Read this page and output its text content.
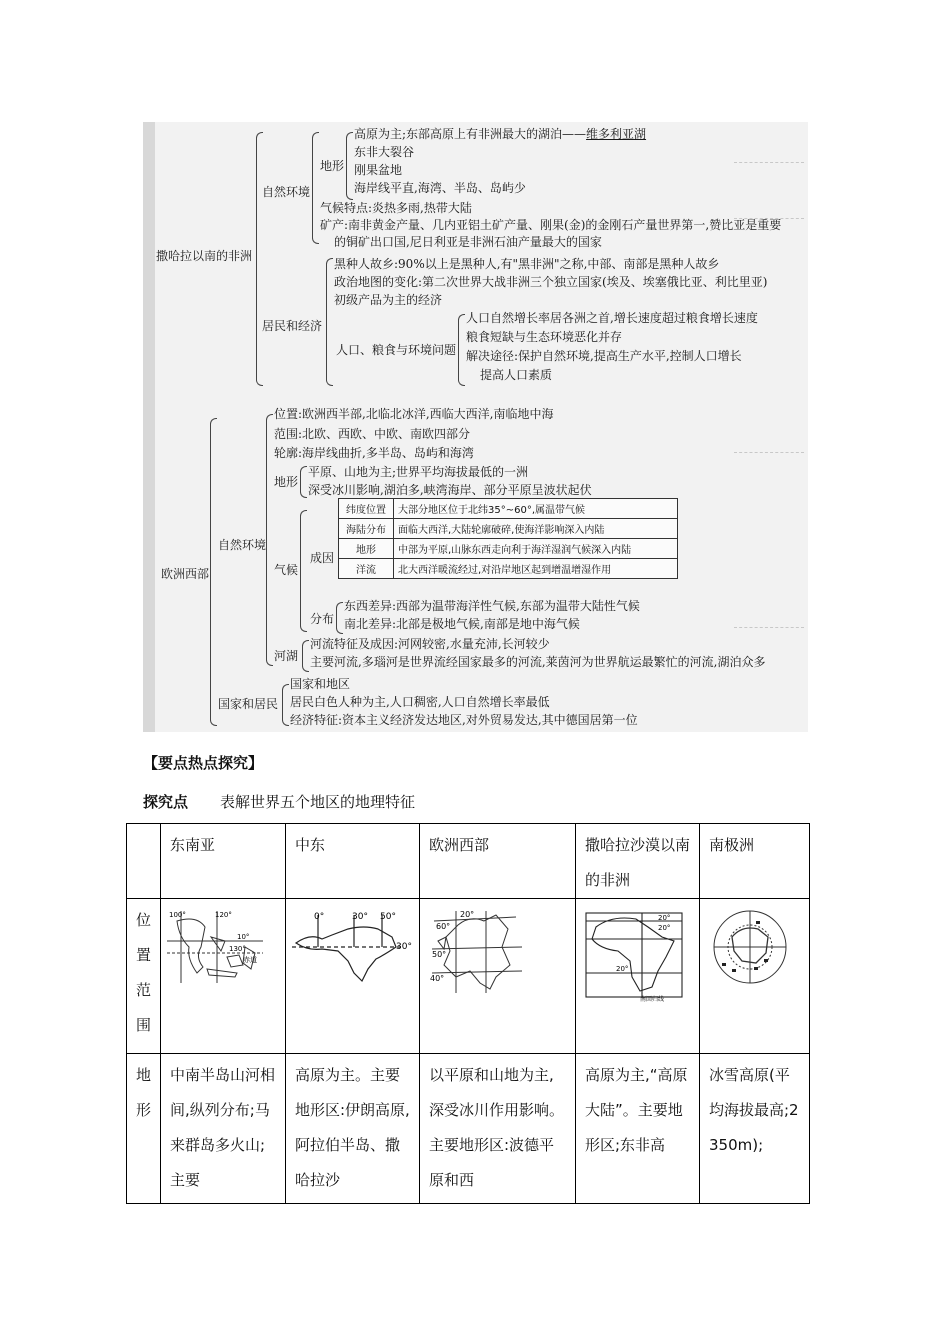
撒哈拉以南的非洲
自然环境
地形
高原为主;东部高原上有非洲最大的湖泊——维多利亚湖
东非大裂谷
刚果盆地
海岸线平直,海湾、半岛、岛屿少
气候特点:炎热多雨,热带大陆
矿产:南非黄金产量、几内亚铝土矿产量、刚果(金)的金刚石产量世界第一,赞比亚是重要
的铜矿出口国,尼日利亚是非洲石油产量最大的国家
居民和经济
黑种人故乡:90%以上是黑种人,有"黑非洲"之称,中部、南部是黑种人故乡
政治地图的变化:第二次世界大战非洲三个独立国家(埃及、埃塞俄比亚、利比里亚)
初级产品为主的经济
人口、粮食与环境问题
人口自然增长率居各洲之首,增长速度超过粮食增长速度
粮食短缺与生态环境恶化并存
解决途径:保护自然环境,提高生产水平,控制人口增长
提高人口素质
欧洲西部
自然环境
位置:欧洲西半部,北临北冰洋,西临大西洋,南临地中海
范围:北欧、西欧、中欧、南欧四部分
轮廓:海岸线曲折,多半岛、岛屿和海湾
地形
平原、山地为主;世界平均海拔最低的一洲
深受冰川影响,湖泊多,峡湾海岸、部分平原呈波状起伏
气候
成因
纬度位置	大部分地区位于北纬35°~60°,属温带气候
海陆分布	面临大西洋,大陆轮廓破碎,使海洋影响深入内陆
地形	中部为平原,山脉东西走向利于海洋湿润气候深入内陆
洋流	北大西洋暖流经过,对沿岸地区起到增温增湿作用
分布
东西差异:西部为温带海洋性气候,东部为温带大陆性气候
南北差异:北部是极地气候,南部是地中海气候
河湖
河流特征及成因:河网较密,水量充沛,长河较少
主要河流,多瑙河是世界流经国家最多的河流,莱茵河为世界航运最繁忙的河流,湖泊众多
国家和居民
国家和地区
居民白色人种为主,人口稠密,人口自然增长率最低
经济特征:资本主义经济发达地区,对外贸易发达,其中德国居第一位
【要点热点探究】
探究点 表解世界五个地区的地理特征
	东南亚	中东	欧洲西部	撒哈拉沙漠以南的非洲	南极洲
位置范围	100° 120°
10°
130°
赤道	0° 30° 50°
30°	20°
60°
50°
40°	20°
20°
20°
南回归线

地形	中南半岛山河相间,纵列分布;马来群岛多火山;主要	高原为主。主要地形区:伊朗高原,阿拉伯半岛、撒哈拉沙	以平原和山地为主,深受冰川作用影响。主要地形区:波德平原和西	高原为主,“高原大陆”。主要地形区;东非高	冰雪高原(平均海拔最高;2350m);
